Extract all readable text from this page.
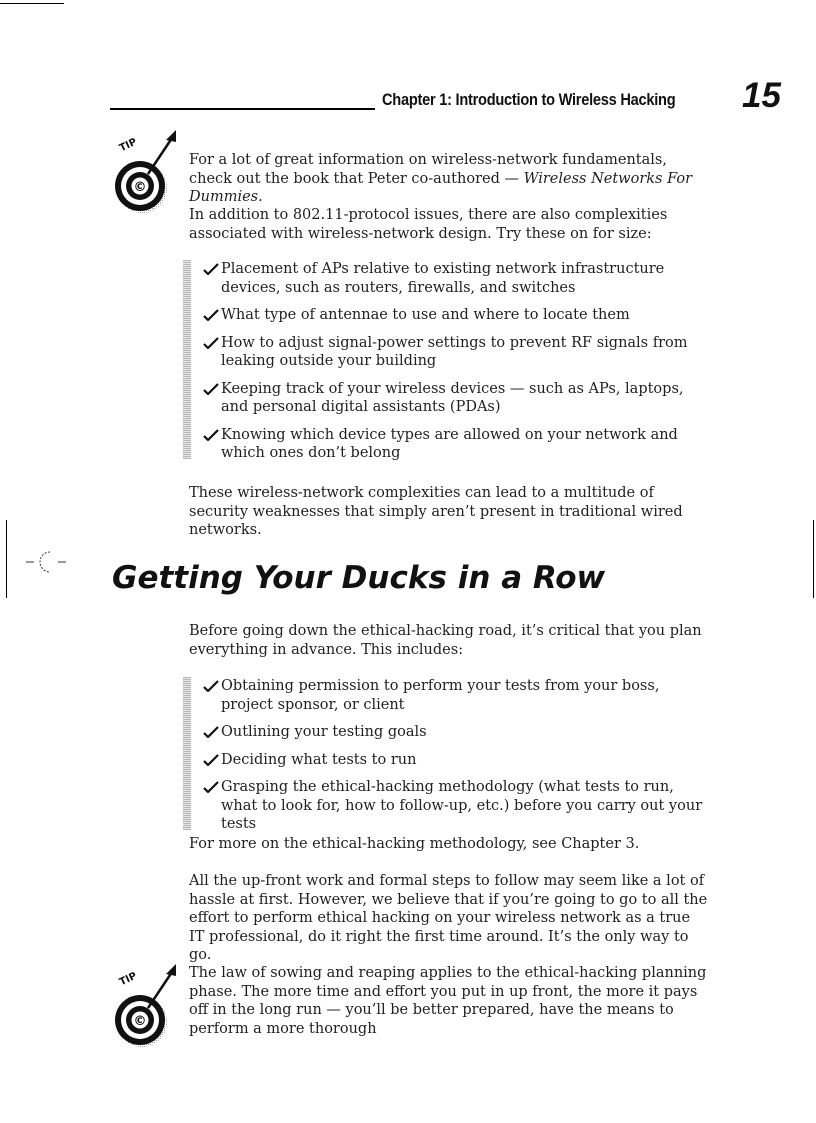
Chapter 1: Introduction to Wireless Hacking 15
©
TIP

For a lot of great information on wireless-network fundamentals, check out the book that Peter co-authored — Wireless Networks For Dummies.

In addition to 802.11-protocol issues, there are also complexities associated with wireless-network design. Try these on for size:

Placement of APs relative to existing network infrastructure devices, such as routers, firewalls, and switches

What type of antennae to use and where to locate them

How to adjust signal-power settings to prevent RF signals from leaking outside your building

Keeping track of your wireless devices — such as APs, laptops, and personal digital assistants (PDAs)

Knowing which device types are allowed on your network and which ones don’t belong

These wireless-network complexities can lead to a multitude of security weaknesses that simply aren’t present in traditional wired networks.

Getting Your Ducks in a Row

Before going down the ethical-hacking road, it’s critical that you plan everything in advance. This includes:

Obtaining permission to perform your tests from your boss, project sponsor, or client

Outlining your testing goals

Deciding what tests to run

Grasping the ethical-hacking methodology (what tests to run, what to look for, how to follow-up, etc.) before you carry out your tests

For more on the ethical-hacking methodology, see Chapter 3.

All the up-front work and formal steps to follow may seem like a lot of hassle at first. However, we believe that if you’re going to go to all the effort to perform ethical hacking on your wireless network as a true IT professional, do it right the first time around. It’s the only way to go.

©
TIP	The law of sowing and reaping applies to the ethical-hacking planning phase. The more time and effort you put in up front, the more it pays off in the long run — you’ll be better prepared, have the means to perform a more thorough
